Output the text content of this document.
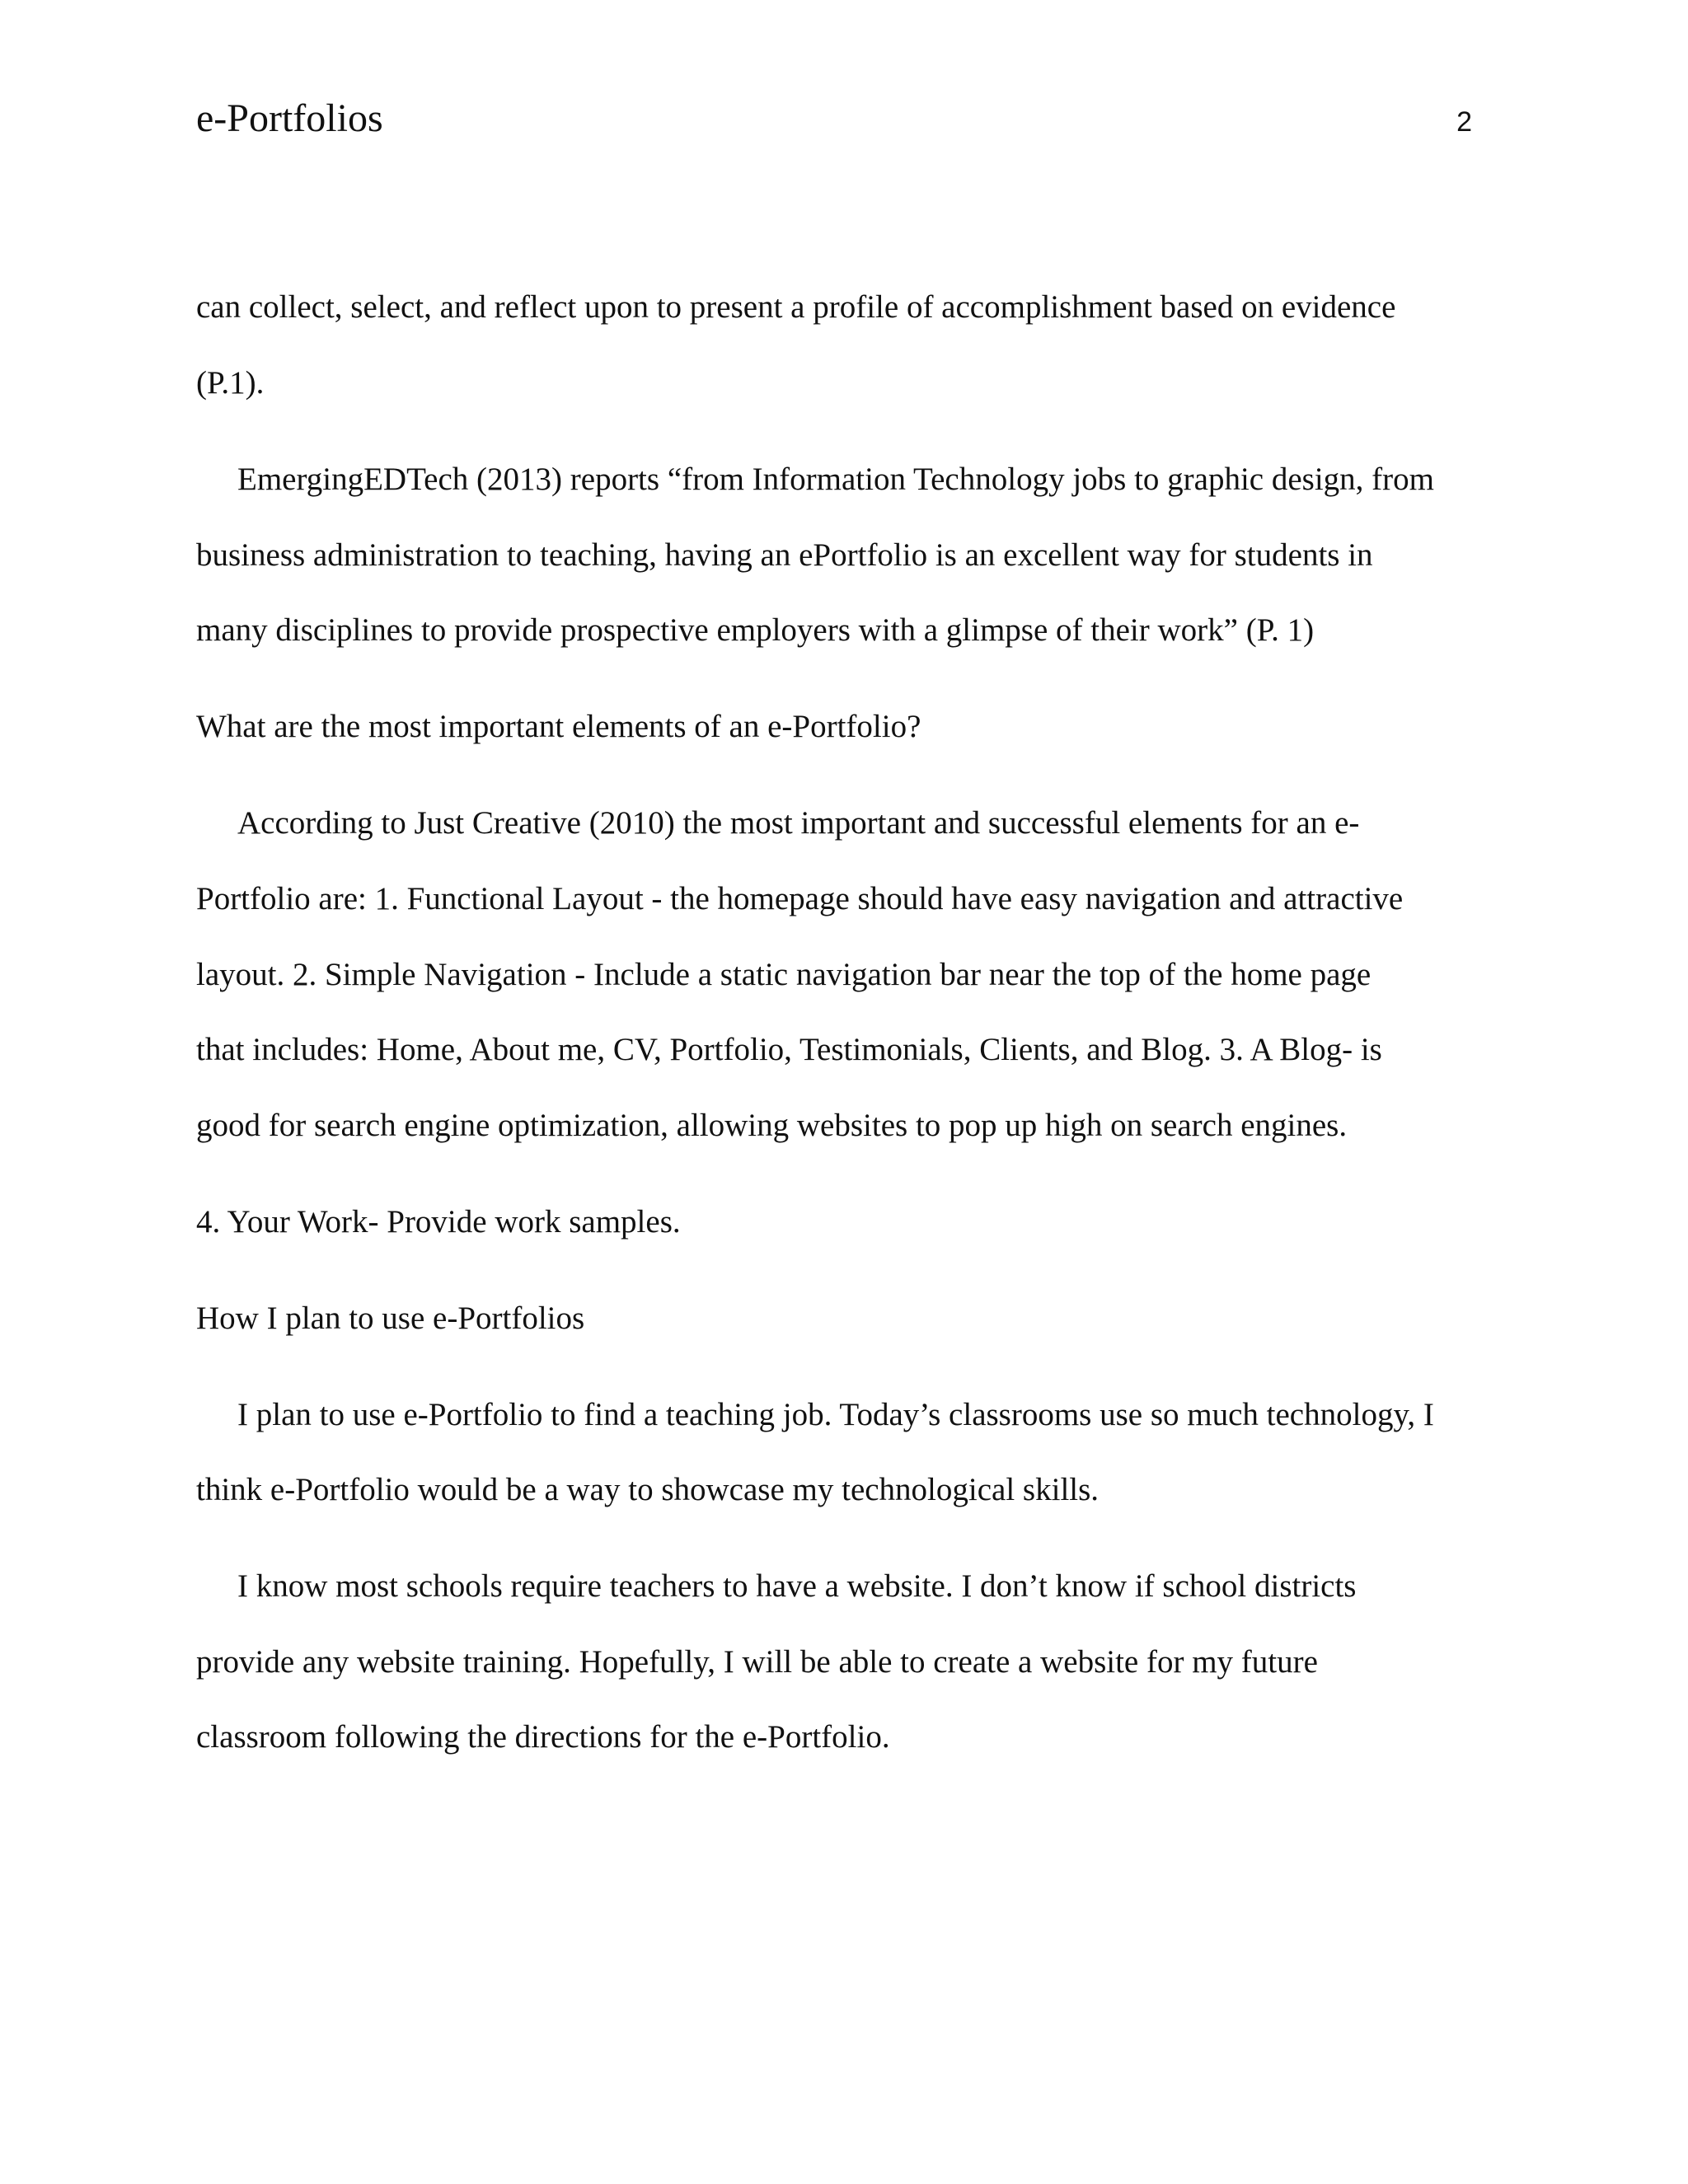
e-Portfolios	2
can collect, select, and reflect upon to present a profile of accomplishment based on evidence
(P.1).
EmergingEDTech (2013) reports “from Information Technology jobs to graphic design, from
business administration to teaching, having an ePortfolio is an excellent way for students in
many disciplines to provide prospective employers with a glimpse of their work” (P. 1)
What are the most important elements of an e-Portfolio?
According to Just Creative (2010) the most important and successful elements for an e-
Portfolio are: 1. Functional Layout - the homepage should have easy navigation and attractive
layout. 2. Simple Navigation - Include a static navigation bar near the top of the home page
that includes: Home, About me, CV, Portfolio, Testimonials, Clients, and Blog. 3. A Blog- is
good for search engine optimization, allowing websites to pop up high on search engines.
4. Your Work- Provide work samples.
How I plan to use e-Portfolios
I plan to use e-Portfolio to find a teaching job. Today’s classrooms use so much technology, I
think e-Portfolio would be a way to showcase my technological skills.
I know most schools require teachers to have a website. I don’t know if school districts
provide any website training. Hopefully, I will be able to create a website for my future
classroom following the directions for the e-Portfolio.
